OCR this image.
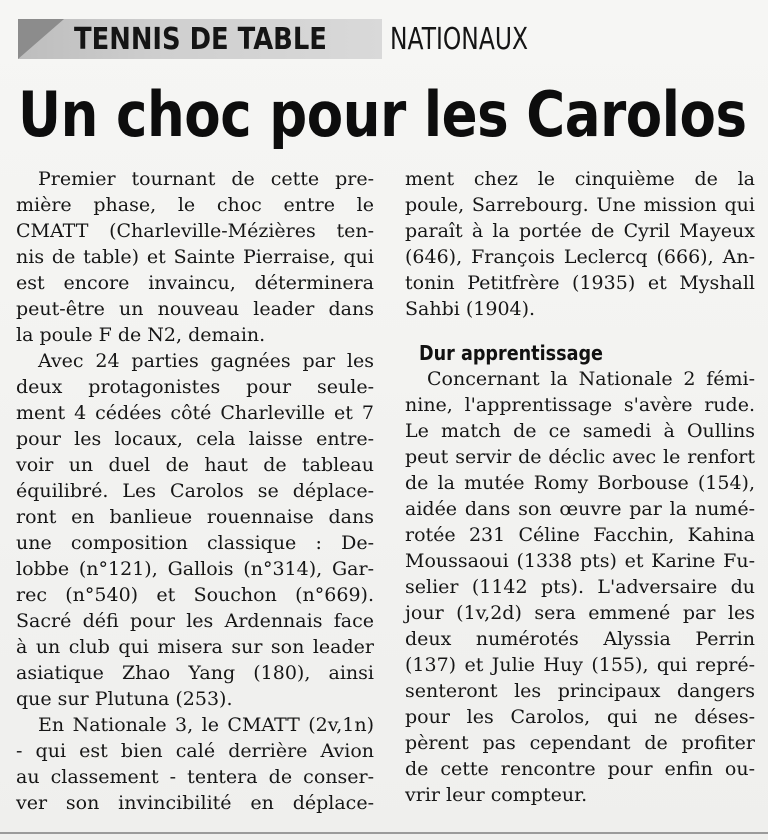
TENNIS DE TABLE NATIONAUX
Un choc pour les Carolos
Premier tournant de cette pre-
mière phase, le choc entre le
CMATT (Charleville-Mézières ten-
nis de table) et Sainte Pierraise, qui
est encore invaincu, déterminera
peut-être un nouveau leader dans
la poule F de N2, demain.
Avec 24 parties gagnées par les
deux protagonistes pour seule-
ment 4 cédées côté Charleville et 7
pour les locaux, cela laisse entre-
voir un duel de haut de tableau
équilibré. Les Carolos se déplace-
ront en banlieue rouennaise dans
une composition classique : De-
lobbe (n°121), Gallois (n°314), Gar-
rec (n°540) et Souchon (n°669).
Sacré défi pour les Ardennais face
à un club qui misera sur son leader
asiatique Zhao Yang (180), ainsi
que sur Plutuna (253).
En Nationale 3, le CMATT (2v,1n)
- qui est bien calé derrière Avion
au classement - tentera de conser-
ver son invincibilité en déplace-
ment chez le cinquième de la
poule, Sarrebourg. Une mission qui
paraît à la portée de Cyril Mayeux
(646), François Leclercq (666), An-
tonin Petitfrère (1935) et Myshall
Sahbi (1904).
Dur apprentissage
Concernant la Nationale 2 fémi-
nine, l'apprentissage s'avère rude.
Le match de ce samedi à Oullins
peut servir de déclic avec le renfort
de la mutée Romy Borbouse (154),
aidée dans son œuvre par la numé-
rotée 231 Céline Facchin, Kahina
Moussaoui (1338 pts) et Karine Fu-
selier (1142 pts). L'adversaire du
jour (1v,2d) sera emmené par les
deux numérotés Alyssia Perrin
(137) et Julie Huy (155), qui repré-
senteront les principaux dangers
pour les Carolos, qui ne déses-
pèrent pas cependant de profiter
de cette rencontre pour enfin ou-
vrir leur compteur.
